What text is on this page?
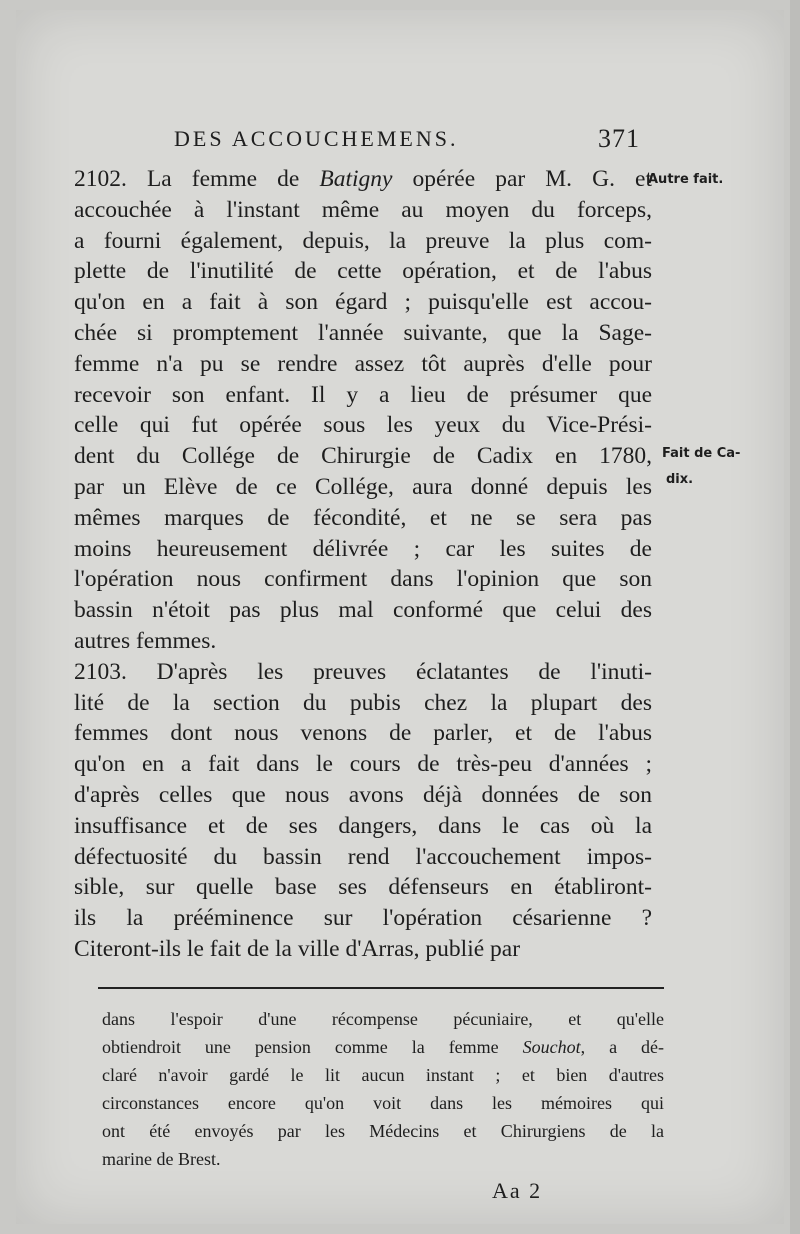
DES ACCOUCHEMENS.	371
Autre fait.
Fait de Ca-
dix.
2102. La femme de Batigny opérée par M. G. et
accouchée à l'instant même au moyen du forceps,
a fourni également, depuis, la preuve la plus com-
plette de l'inutilité de cette opération, et de l'abus
qu'on en a fait à son égard ; puisqu'elle est accou-
chée si promptement l'année suivante, que la Sage-
femme n'a pu se rendre assez tôt auprès d'elle pour
recevoir son enfant. Il y a lieu de présumer que
celle qui fut opérée sous les yeux du Vice-Prési-
dent du Collége de Chirurgie de Cadix en 1780,
par un Elève de ce Collége, aura donné depuis les
mêmes marques de fécondité, et ne se sera pas
moins heureusement délivrée ; car les suites de
l'opération nous confirment dans l'opinion que son
bassin n'étoit pas plus mal conformé que celui des
autres femmes.
2103. D'après les preuves éclatantes de l'inuti-
lité de la section du pubis chez la plupart des
femmes dont nous venons de parler, et de l'abus
qu'on en a fait dans le cours de très-peu d'années ;
d'après celles que nous avons déjà données de son
insuffisance et de ses dangers, dans le cas où la
défectuosité du bassin rend l'accouchement impos-
sible, sur quelle base ses défenseurs en établiront-
ils la prééminence sur l'opération césarienne ?
Citeront-ils le fait de la ville d'Arras, publié par
dans l'espoir d'une récompense pécuniaire, et qu'elle
obtiendroit une pension comme la femme Souchot, a dé-
claré n'avoir gardé le lit aucun instant ; et bien d'autres
circonstances encore qu'on voit dans les mémoires qui
ont été envoyés par les Médecins et Chirurgiens de la
marine de Brest.
Aa 2
